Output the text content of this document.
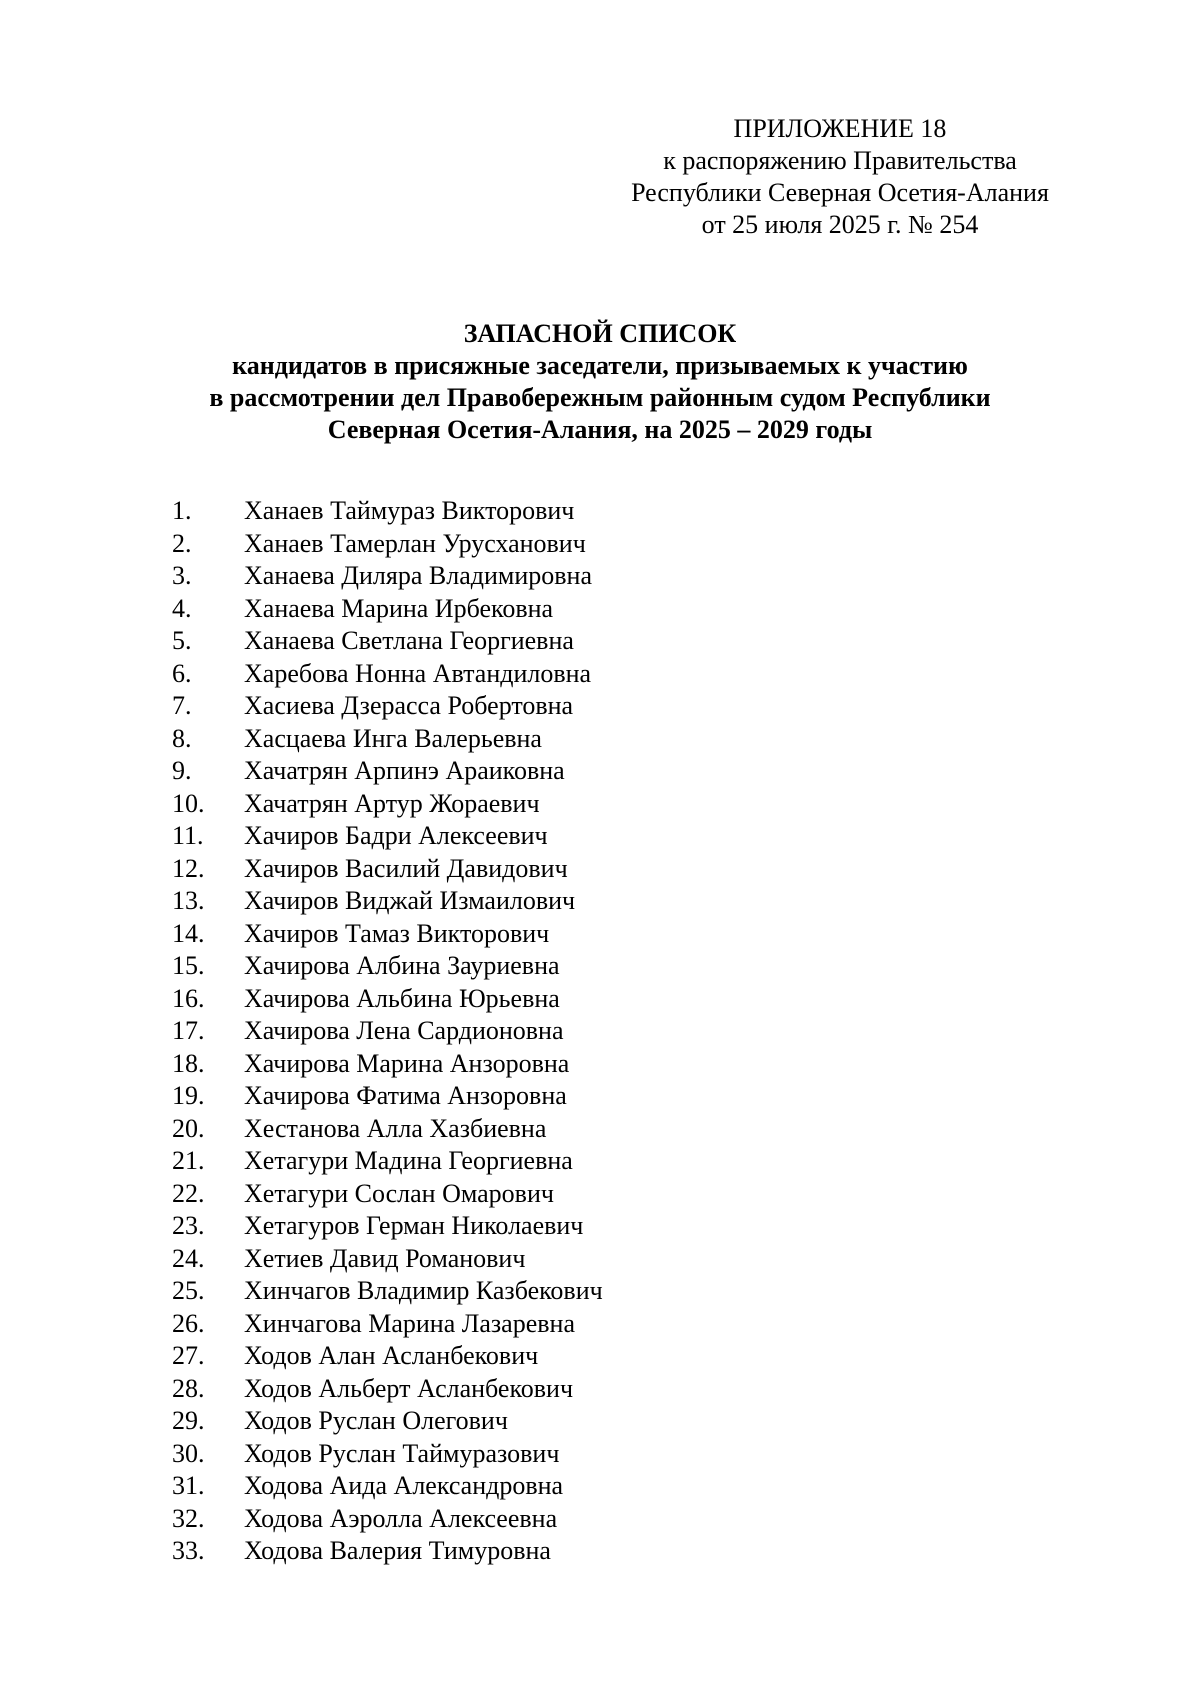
ПРИЛОЖЕНИЕ 18
к распоряжению Правительства
Республики Северная Осетия-Алания
от 25 июля 2025 г. № 254
ЗАПАСНОЙ СПИСОК
кандидатов в присяжные заседатели, призываемых к участию
в рассмотрении дел Правобережным районным судом Республики
Северная Осетия-Алания, на 2025 – 2029 годы
1. Ханаев Таймураз Викторович
2. Ханаев Тамерлан Урусханович
3. Ханаева Диляра Владимировна
4. Ханаева Марина Ирбековна
5. Ханаева Светлана Георгиевна
6. Харебова Нонна Автандиловна
7. Хасиева Дзерасса Робертовна
8. Хасцаева Инга Валерьевна
9. Хачатрян Арпинэ Араиковна
10. Хачатрян Артур Жораевич
11. Хачиров Бадри Алексеевич
12. Хачиров Василий Давидович
13. Хачиров Виджай Измаилович
14. Хачиров Тамаз Викторович
15. Хачирова Албина Зауриевна
16. Хачирова Альбина Юрьевна
17. Хачирова Лена Сардионовна
18. Хачирова Марина Анзоровна
19. Хачирова Фатима Анзоровна
20. Хестанова Алла Хазбиевна
21. Хетагури Мадина Георгиевна
22. Хетагури Сослан Омарович
23. Хетагуров Герман Николаевич
24. Хетиев Давид Романович
25. Хинчагов Владимир Казбекович
26. Хинчагова Марина Лазаревна
27. Ходов Алан Асланбекович
28. Ходов Альберт Асланбекович
29. Ходов Руслан Олегович
30. Ходов Руслан Таймуразович
31. Ходова Аида Александровна
32. Ходова Аэролла Алексеевна
33. Ходова Валерия Тимуровна
